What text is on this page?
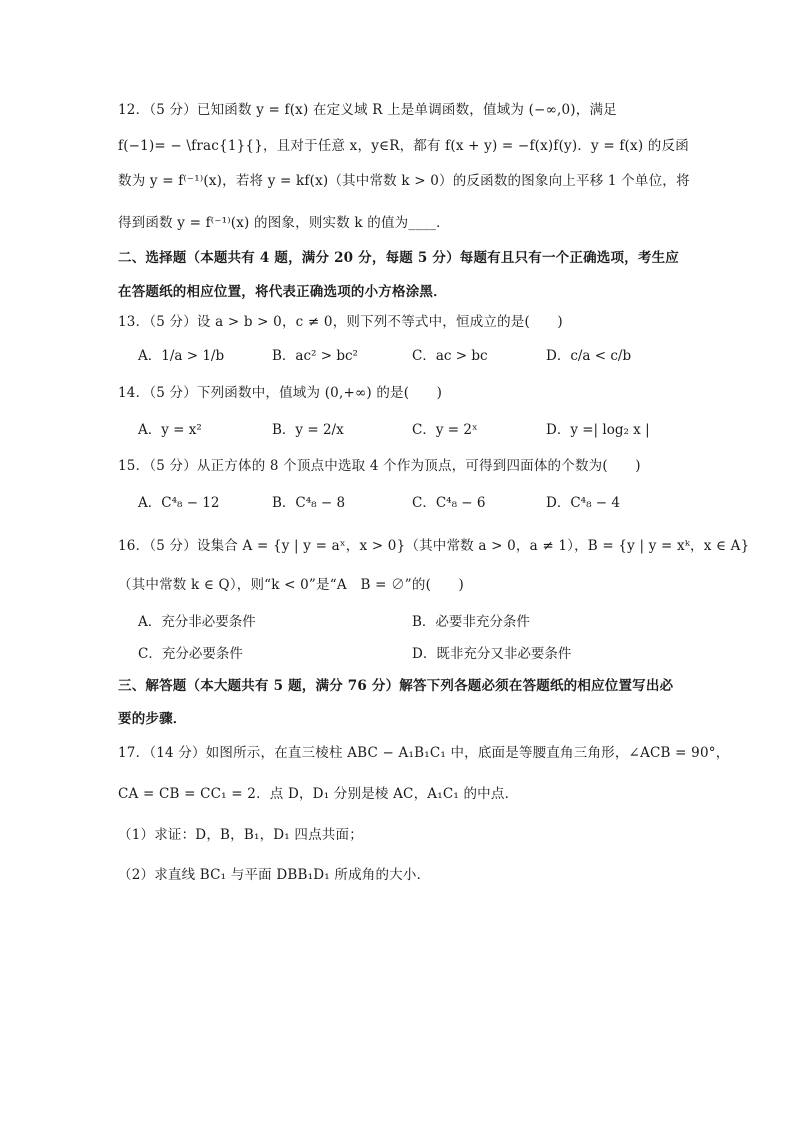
12．（5 分）已知函数 y = f(x) 在定义域 R 上是单调函数，值域为 (−∞,0)，满足
f(−1)= − \frac{1}{}，且对于任意 x，y∈R，都有 f(x + y) = −f(x)f(y)．y = f(x) 的反函
数为 y = f⁽⁻¹⁾(x)，若将 y = kf(x)（其中常数 k > 0）的反函数的图象向上平移 1 个单位，将
得到函数 y = f⁽⁻¹⁾(x) 的图象，则实数 k 的值为____．
二、选择题（本题共有 4 题，满分 20 分，每题 5 分）每题有且只有一个正确选项，考生应
在答题纸的相应位置，将代表正确选项的小方格涂黑．
13．（5 分）设 a > b > 0，c ≠ 0，则下列不等式中，恒成立的是(　　)
A．1/a > 1/b	B．ac² > bc²	C．ac > bc	D．c/a < c/b
14．（5 分）下列函数中，值域为 (0,+∞) 的是(　　)
A．y = x²	B．y = 2/x	C．y = 2ˣ	D．y =| log₂ x |
15．（5 分）从正方体的 8 个顶点中选取 4 个作为顶点，可得到四面体的个数为(　　)
A．C⁴₈ − 12	B．C⁴₈ − 8	C．C⁴₈ − 6	D．C⁴₈ − 4
16．（5 分）设集合 A = {y | y = aˣ，x > 0}（其中常数 a > 0，a ≠ 1），B = {y | y = xᵏ，x ∈ A}
（其中常数 k ∈ Q），则“k < 0”是“A　B = ∅”的(　　)
A．充分非必要条件	B．必要非充分条件
C．充分必要条件	D．既非充分又非必要条件
三、解答题（本大题共有 5 题，满分 76 分）解答下列各题必须在答题纸的相应位置写出必
要的步骤．
17．（14 分）如图所示，在直三棱柱 ABC − A₁B₁C₁ 中，底面是等腰直角三角形，∠ACB = 90°，
CA = CB = CC₁ = 2．点 D，D₁ 分别是棱 AC，A₁C₁ 的中点．
（1）求证：D，B，B₁，D₁ 四点共面；
（2）求直线 BC₁ 与平面 DBB₁D₁ 所成角的大小．
